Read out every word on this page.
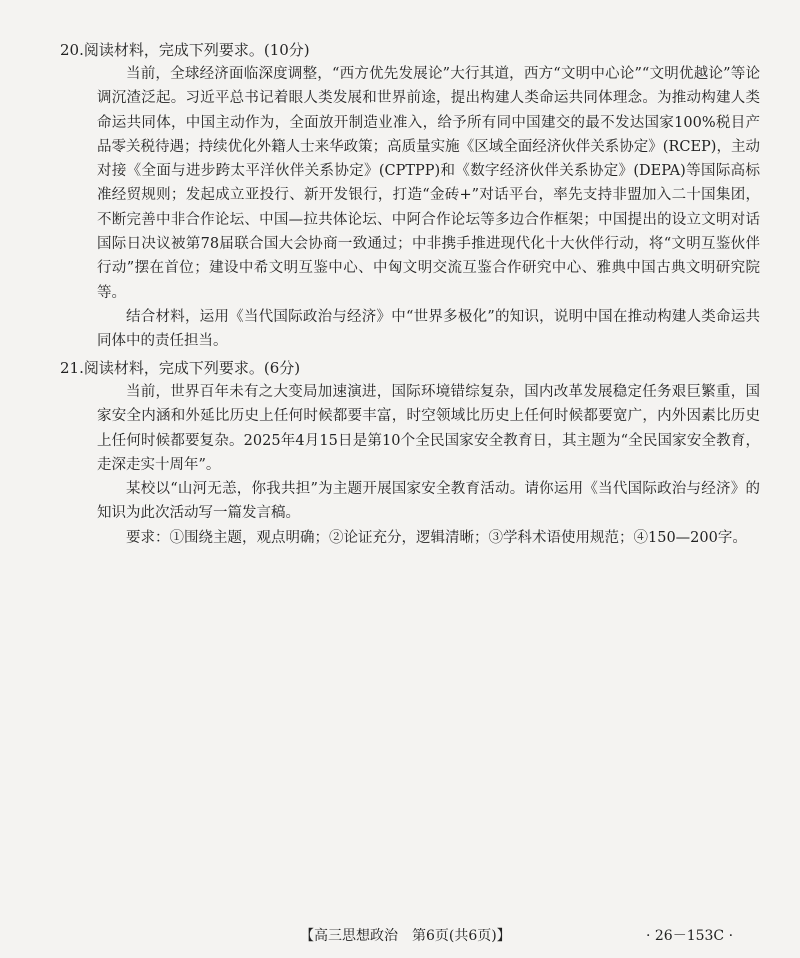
20.阅读材料，完成下列要求。(10分)

当前，全球经济面临深度调整，“西方优先发展论”大行其道，西方“文明中心论”“文明优越论”等论调沉渣泛起。习近平总书记着眼人类发展和世界前途，提出构建人类命运共同体理念。为推动构建人类命运共同体，中国主动作为，全面放开制造业准入，给予所有同中国建交的最不发达国家100%税目产品零关税待遇；持续优化外籍人士来华政策；高质量实施《区域全面经济伙伴关系协定》(RCEP)，主动对接《全面与进步跨太平洋伙伴关系协定》(CPTPP)和《数字经济伙伴关系协定》(DEPA)等国际高标准经贸规则；发起成立亚投行、新开发银行，打造“金砖+”对话平台，率先支持非盟加入二十国集团，不断完善中非合作论坛、中国—拉共体论坛、中阿合作论坛等多边合作框架；中国提出的设立文明对话国际日决议被第78届联合国大会协商一致通过；中非携手推进现代化十大伙伴行动，将“文明互鉴伙伴行动”摆在首位；建设中希文明互鉴中心、中匈文明交流互鉴合作研究中心、雅典中国古典文明研究院等。

结合材料，运用《当代国际政治与经济》中“世界多极化”的知识，说明中国在推动构建人类命运共同体中的责任担当。

21.阅读材料，完成下列要求。(6分)

当前，世界百年未有之大变局加速演进，国际环境错综复杂，国内改革发展稳定任务艰巨繁重，国家安全内涵和外延比历史上任何时候都要丰富，时空领域比历史上任何时候都要宽广，内外因素比历史上任何时候都要复杂。2025年4月15日是第10个全民国家安全教育日，其主题为“全民国家安全教育，走深走实十周年”。

某校以“山河无恙，你我共担”为主题开展国家安全教育活动。请你运用《当代国际政治与经济》的知识为此次活动写一篇发言稿。

要求：①围绕主题，观点明确；②论证充分，逻辑清晰；③学科术语使用规范；④150—200字。

【高三思想政治　第6页(共6页)】	· 26－153C ·
